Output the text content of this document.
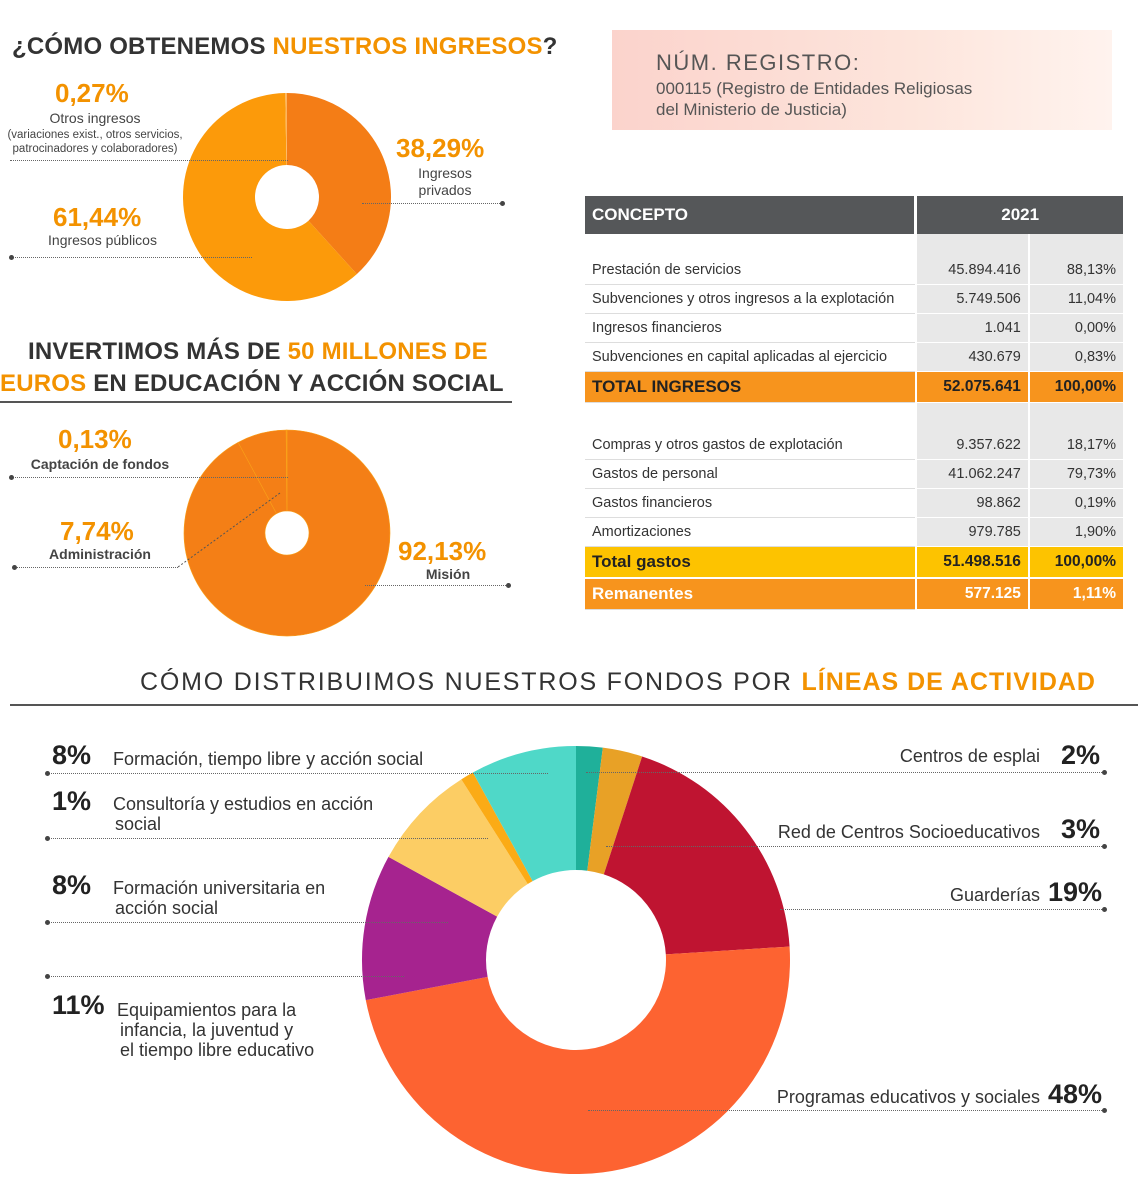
¿CÓMO OBTENEMOS NUESTROS INGRESOS?
0,27%
Otros ingresos
(variaciones exist., otros servicios,
patrocinadores y colaboradores)	38,29%
Ingresos
privados
61,44%
Ingresos públicos
NÚM. REGISTRO:
000115 (Registro de Entidades Religiosas
del Ministerio de Justicia)
INVERTIMOS MÁS DE 50 MILLONES DE
EUROS EN EDUCACIÓN Y ACCIÓN SOCIAL
0,13%
Captación de fondos
7,74%
Administración	92,13%
Misión
CONCEPTO	2021	

Prestación de servicios	45.894.416	88,13%
Subvenciones y otros ingresos a la explotación	5.749.506	11,04%
Ingresos financieros	1.041	0,00%
Subvenciones en capital aplicadas al ejercicio	430.679	0,83%
TOTAL INGRESOS	52.075.641	100,00%

Compras y otros gastos de explotación	9.357.622	18,17%
Gastos de personal	41.062.247	79,73%
Gastos financieros	98.862	0,19%
Amortizaciones	979.785	1,90%
Total gastos	51.498.516	100,00%
Remanentes	577.125	1,11%
CÓMO DISTRIBUIMOS NUESTROS FONDOS POR LÍNEAS DE ACTIVIDAD
8% Formación, tiempo libre y acción social
1% Consultoría y estudios en acción
social
8% Formación universitaria en
acción social
11% Equipamientos para la
infancia, la juventud y
el tiempo libre educativo
Centros de esplai 2%
Red de Centros Socioeducativos 3%
Guarderías 19%
Programas educativos y sociales 48%
